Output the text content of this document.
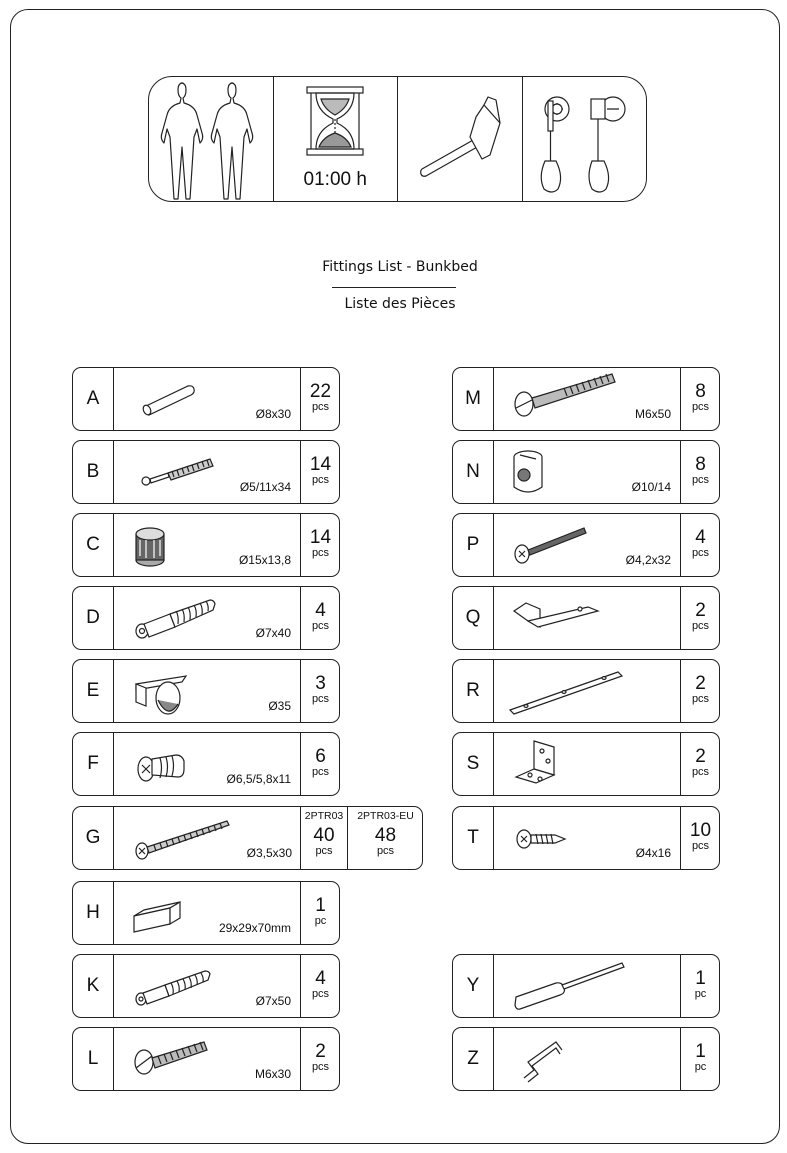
01:00 h
Fittings List - Bunkbed
Liste des Pièces
A
Ø8x30
22
pcs
B
Ø5/11x34
14
pcs
C
Ø15x13,8
14
pcs
D
Ø7x40
4
pcs
E
Ø35
3
pcs
F
Ø6,5/5,8x11
6
pcs
G
Ø3,5x30
2PTR03
40
pcs
2PTR03-EU
48
pcs
H
29x29x70mm
1
pc
K
Ø7x50
4
pcs
L
M6x30
2
pcs
M
M6x50
8
pcs
N
Ø10/14
8
pcs
P
Ø4,2x32
4
pcs
Q	2
pcs
R	2
pcs
S	2
pcs
T
Ø4x16
10
pcs
Y	1
pc
Z	1
pc
